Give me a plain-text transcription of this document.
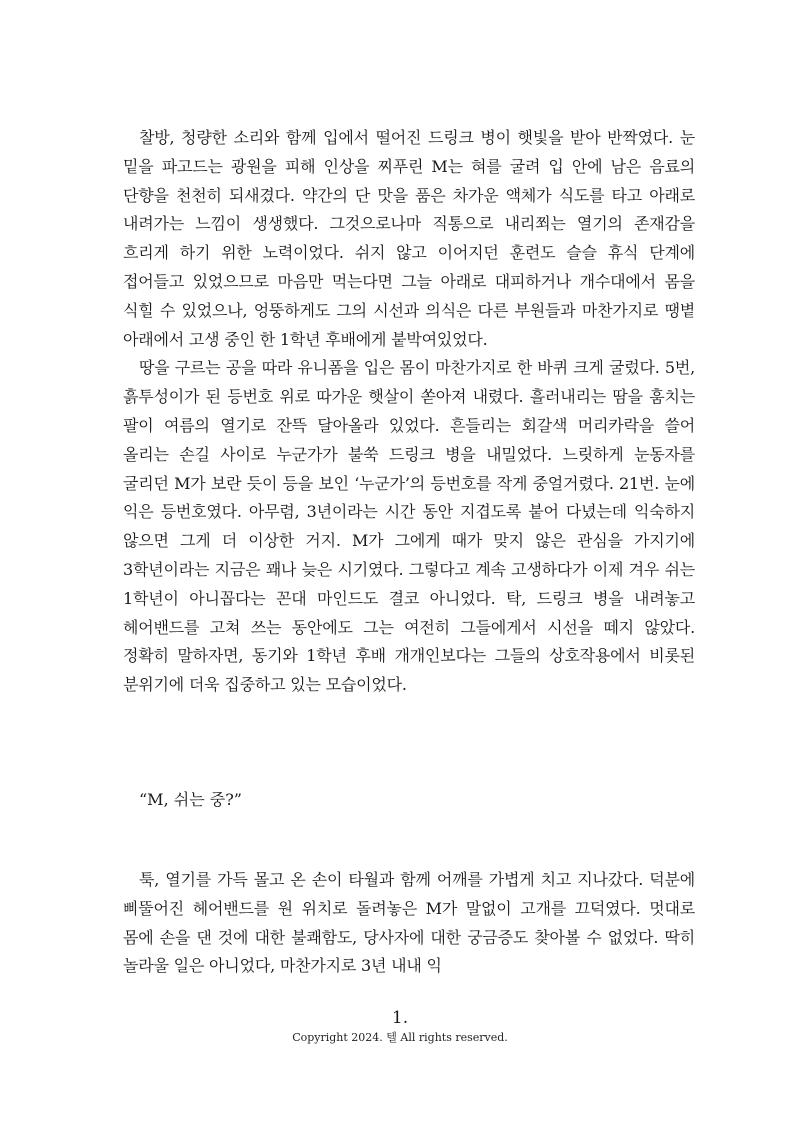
찰방, 청량한 소리와 함께 입에서 떨어진 드링크 병이 햇빛을 받아 반짝였다. 눈 밑을 파고드는 광원을 피해 인상을 찌푸린 M는 혀를 굴려 입 안에 남은 음료의 단향을 천천히 되새겼다. 약간의 단 맛을 품은 차가운 액체가 식도를 타고 아래로 내려가는 느낌이 생생했다. 그것으로나마 직통으로 내리쬐는 열기의 존재감을 흐리게 하기 위한 노력이었다. 쉬지 않고 이어지던 훈련도 슬슬 휴식 단계에 접어들고 있었으므로 마음만 먹는다면 그늘 아래로 대피하거나 개수대에서 몸을 식힐 수 있었으나, 엉뚱하게도 그의 시선과 의식은 다른 부원들과 마찬가지로 땡볕 아래에서 고생 중인 한 1학년 후배에게 붙박여있었다.

땅을 구르는 공을 따라 유니폼을 입은 몸이 마찬가지로 한 바퀴 크게 굴렀다. 5번, 흙투성이가 된 등번호 위로 따가운 햇살이 쏟아져 내렸다. 흘러내리는 땀을 훔치는 팔이 여름의 열기로 잔뜩 달아올라 있었다. 흔들리는 회갈색 머리카락을 쓸어 올리는 손길 사이로 누군가가 불쑥 드링크 병을 내밀었다. 느릿하게 눈동자를 굴리던 M가 보란 듯이 등을 보인 ‘누군가’의 등번호를 작게 중얼거렸다. 21번. 눈에 익은 등번호였다. 아무렴, 3년이라는 시간 동안 지겹도록 붙어 다녔는데 익숙하지 않으면 그게 더 이상한 거지. M가 그에게 때가 맞지 않은 관심을 가지기에 3학년이라는 지금은 꽤나 늦은 시기였다. 그렇다고 계속 고생하다가 이제 겨우 쉬는 1학년이 아니꼽다는 꼰대 마인드도 결코 아니었다. 탁, 드링크 병을 내려놓고 헤어밴드를 고쳐 쓰는 동안에도 그는 여전히 그들에게서 시선을 떼지 않았다. 정확히 말하자면, 동기와 1학년 후배 개개인보다는 그들의 상호작용에서 비롯된 분위기에 더욱 집중하고 있는 모습이었다.

“M, 쉬는 중?”

툭, 열기를 가득 몰고 온 손이 타월과 함께 어깨를 가볍게 치고 지나갔다. 덕분에 삐뚤어진 헤어밴드를 원 위치로 돌려놓은 M가 말없이 고개를 끄덕였다. 멋대로 몸에 손을 댄 것에 대한 불쾌함도, 당사자에 대한 궁금증도 찾아볼 수 없었다. 딱히 놀라울 일은 아니었다, 마찬가지로 3년 내내 익

1.
Copyright 2024. 텔 All rights reserved.
